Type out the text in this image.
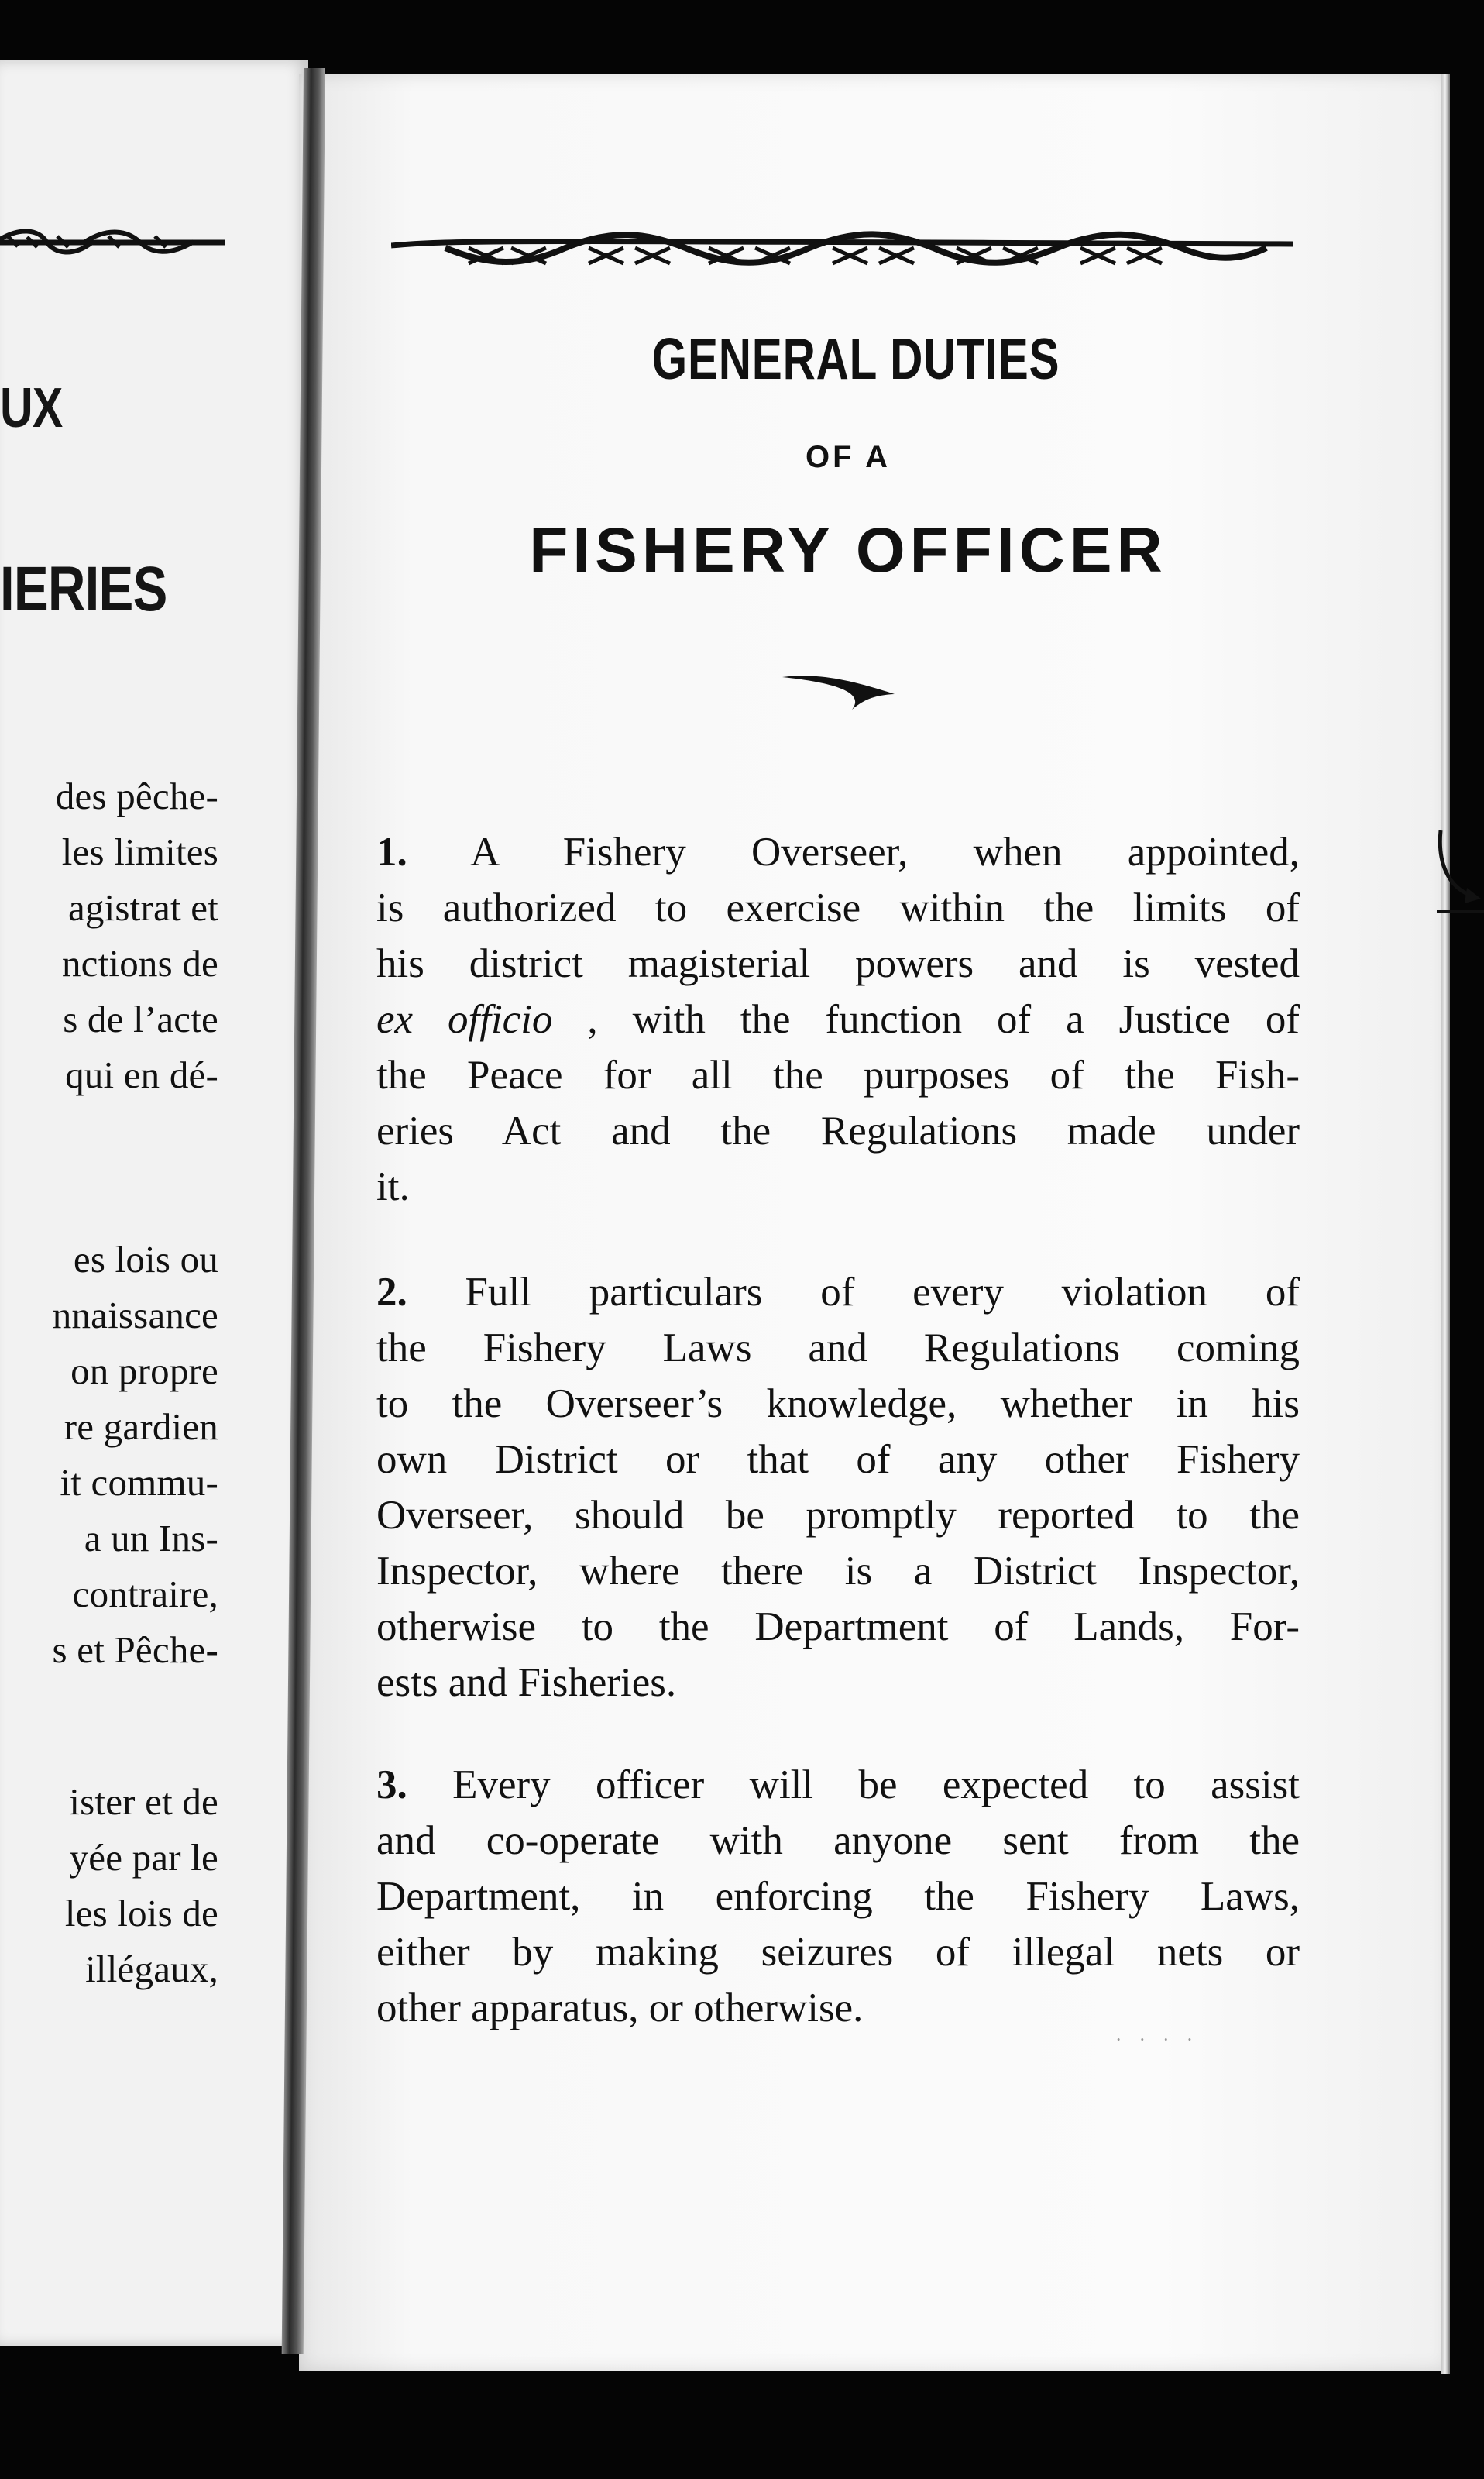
UX
IERIES
des pêche-
les limites
agistrat et
nctions de
s de l’acte
qui en dé-
es lois ou
nnaissance
on propre
re gardien
it commu-
a un Ins-
contraire,
s et Pêche-
ister et de
yée par le
les lois de
illégaux,
GENERAL DUTIES
OF A
FISHERY OFFICER
1. A Fishery Overseer, when appointed,
is authorized to exercise within the limits of
his district magisterial powers and is vested
ex officio , with the function of a Justice of
the Peace for all the purposes of the Fish-
eries Act and the Regulations made under
it.
2. Full particulars of every violation of
the Fishery Laws and Regulations coming
to the Overseer’s knowledge, whether in his
own District or that of any other Fishery
Overseer, should be promptly reported to the
Inspector, where there is a District Inspector,
otherwise to the Department of Lands, For-
ests and Fisheries.
3. Every officer will be expected to assist
and co-operate with anyone sent from the
Department, in enforcing the Fishery Laws,
either by making seizures of illegal nets or
other apparatus, or otherwise.
· · · ·
